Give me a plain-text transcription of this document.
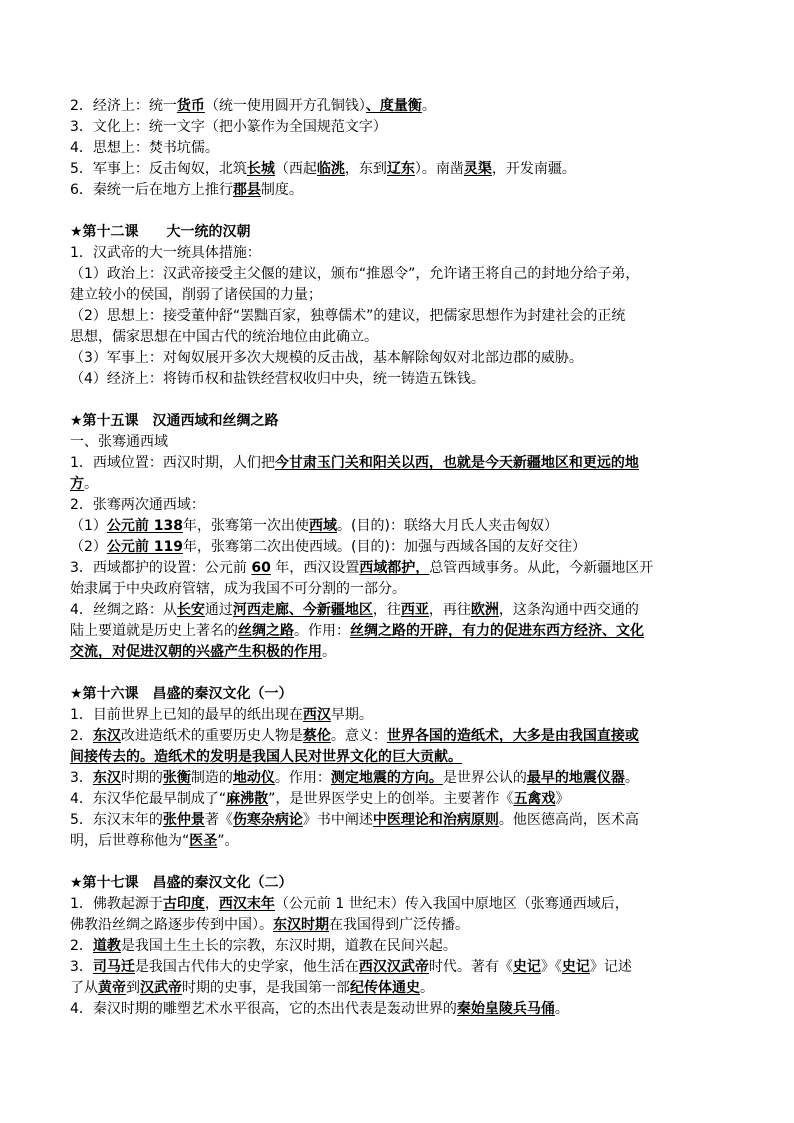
2．经济上：统一货币（统一使用圆开方孔铜钱）、度量衡。

3．文化上：统一文字（把小篆作为全国规范文字）

4．思想上：焚书坑儒。

5．军事上：反击匈奴，北筑长城（西起临洮，东到辽东）。南凿灵渠，开发南疆。

6．秦统一后在地方上推行郡县制度。

★第十二课　　大一统的汉朝

1．汉武帝的大一统具体措施：

（1）政治上：汉武帝接受主父偃的建议，颁布“推恩令”，允许诸王将自己的封地分给子弟，

建立较小的侯国，削弱了诸侯国的力量；

（2）思想上：接受董仲舒“罢黜百家，独尊儒术”的建议，把儒家思想作为封建社会的正统

思想，儒家思想在中国古代的统治地位由此确立。

（3）军事上：对匈奴展开多次大规模的反击战，基本解除匈奴对北部边郡的威胁。

（4）经济上：将铸币权和盐铁经营权收归中央，统一铸造五铢钱。

★第十五课　汉通西域和丝绸之路

一、张骞通西域

1．西域位置：西汉时期，人们把今甘肃玉门关和阳关以西，也就是今天新疆地区和更远的地

方。

2．张骞两次通西域：

（1）公元前 138年，张骞第一次出使西域。(目的)：联络大月氏人夹击匈奴）

（2）公元前 119年，张骞第二次出使西域。(目的)：加强与西域各国的友好交往）

3．西域都护的设置：公元前 60 年，西汉设置西域都护，总管西域事务。从此，今新疆地区开

始隶属于中央政府管辖，成为我国不可分割的一部分。

4．丝绸之路：从长安通过河西走廊、今新疆地区，往西亚，再往欧洲，这条沟通中西交通的

陆上要道就是历史上著名的丝绸之路。作用：丝绸之路的开辟，有力的促进东西方经济、文化

交流，对促进汉朝的兴盛产生积极的作用。

★第十六课　昌盛的秦汉文化（一）

1．目前世界上已知的最早的纸出现在西汉早期。

2．东汉改进造纸术的重要历史人物是蔡伦。意义：世界各国的造纸术，大多是由我国直接或

间接传去的。造纸术的发明是我国人民对世界文化的巨大贡献。

3．东汉时期的张衡制造的地动仪。作用：测定地震的方向。是世界公认的最早的地震仪器。

4．东汉华佗最早制成了“麻沸散”，是世界医学史上的创举。主要著作《五禽戏》

5．东汉末年的张仲景著《伤寒杂病论》书中阐述中医理论和治病原则。他医德高尚，医术高

明，后世尊称他为“医圣”。

★第十七课　昌盛的秦汉文化（二）

1．佛教起源于古印度，西汉末年（公元前 1 世纪末）传入我国中原地区（张骞通西域后，

佛教沿丝绸之路逐步传到中国）。东汉时期在我国得到广泛传播。

2．道教是我国土生土长的宗教，东汉时期，道教在民间兴起。

3．司马迁是我国古代伟大的史学家，他生活在西汉汉武帝时代。著有《史记》《史记》记述

了从黄帝到汉武帝时期的史事，是我国第一部纪传体通史。

4．秦汉时期的雕塑艺术水平很高，它的杰出代表是轰动世界的秦始皇陵兵马俑。
